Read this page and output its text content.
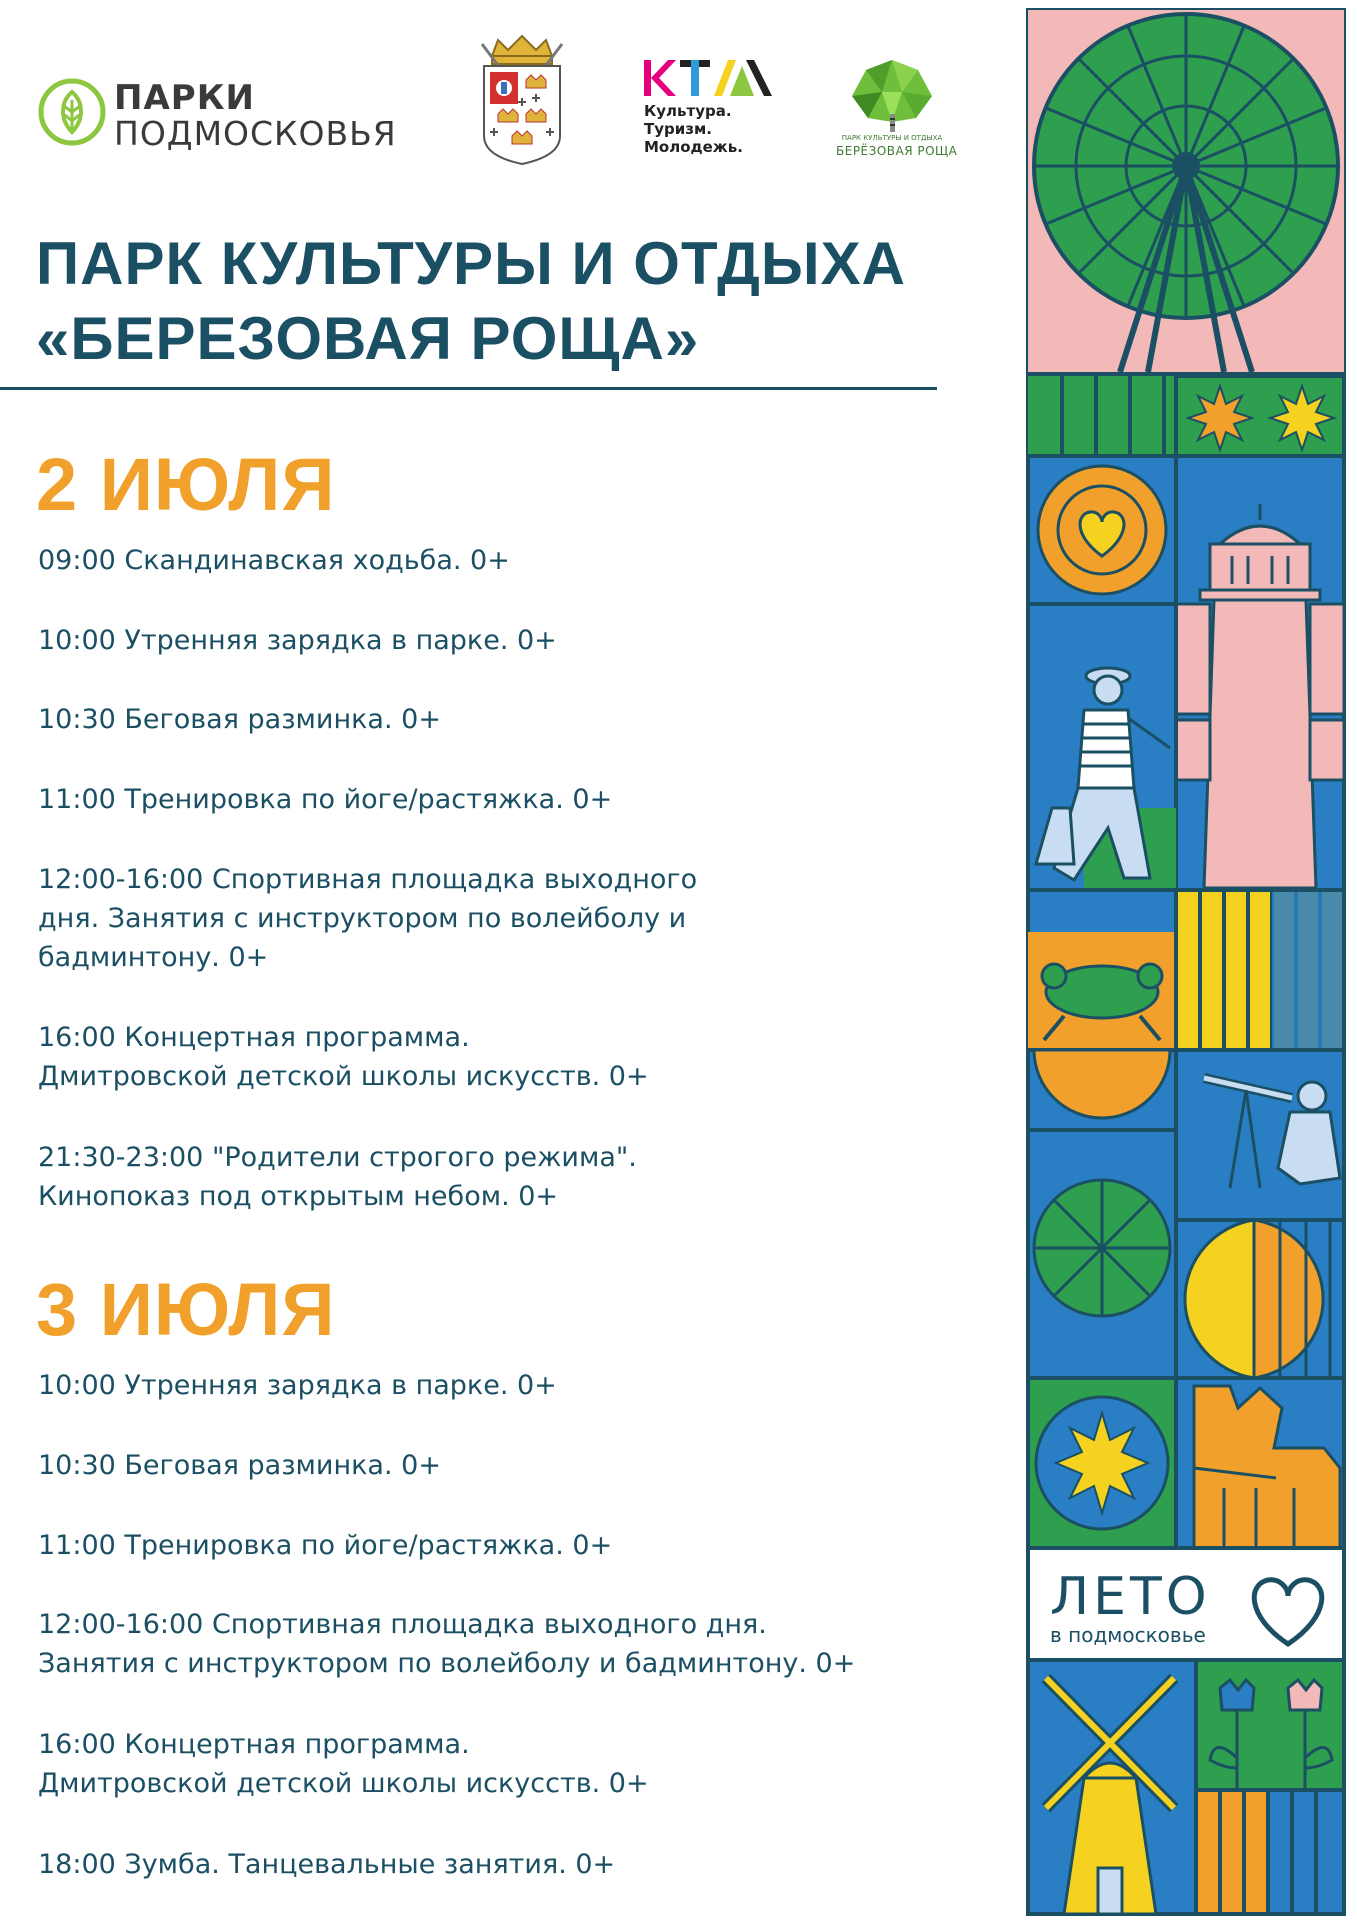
ПАРКИ
ПОДМОСКОВЬЯ
Культура.
Туризм.
Молодежь.	ПАРК КУЛЬТУРЫ И ОТДЫХА
БЕРЁЗОВАЯ РОЩА
ПАРК КУЛЬТУРЫ И ОТДЫХА
«БЕРЕЗОВАЯ РОЩА»
2 ИЮЛЯ
09:00 Скандинавская ходьба. 0+
10:00 Утренняя зарядка в парке. 0+
10:30 Беговая разминка. 0+
11:00 Тренировка по йоге/растяжка. 0+
12:00-16:00 Спортивная площадка выходного
дня. Занятия с инструктором по волейболу и
бадминтону. 0+
16:00 Концертная программа.
Дмитровской детской школы искусств. 0+
21:30-23:00 "Родители строгого режима".
Кинопоказ под открытым небом. 0+
3 ИЮЛЯ
10:00 Утренняя зарядка в парке. 0+
10:30 Беговая разминка. 0+
11:00 Тренировка по йоге/растяжка. 0+
12:00-16:00 Спортивная площадка выходного дня.
Занятия с инструктором по волейболу и бадминтону. 0+
16:00 Концертная программа.
Дмитровской детской школы искусств. 0+
18:00 Зумба. Танцевальные занятия. 0+
ЛЕТО
в подмосковье
